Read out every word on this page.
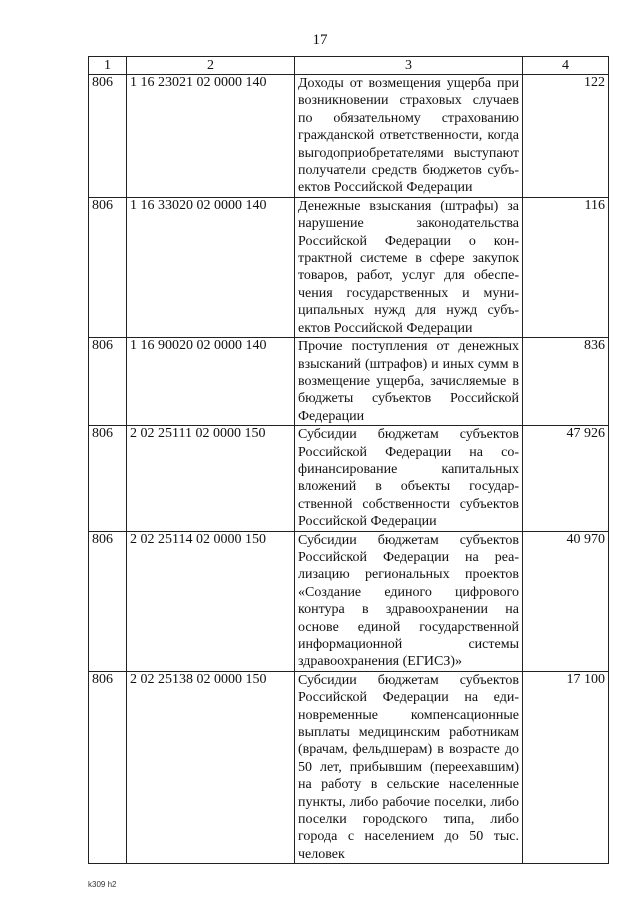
17
1	2	3	4
806	1 16 23021 02 0000 140	Доходы от возмещения ущерба при возникновении страховых случаев по обязательному страхованию гражданской ответственности, когда выгодоприобретателями выступают получатели средств бюджетов субъектов Российской Федерации	122
806	1 16 33020 02 0000 140	Денежные взыскания (штрафы) за нарушение законодательства Российской Федерации о контрактной системе в сфере закупок товаров, работ, услуг для обеспечения государственных и муниципальных нужд для нужд субъектов Российской Федерации	116
806	1 16 90020 02 0000 140	Прочие поступления от денежных взысканий (штрафов) и иных сумм в возмещение ущерба, зачисляемые в бюджеты субъектов Российской Федерации	836
806	2 02 25111 02 0000 150	Субсидии бюджетам субъектов Российской Федерации на софинансирование капитальных вложений в объекты государственной собственности субъектов Российской Федерации	47 926
806	2 02 25114 02 0000 150	Субсидии бюджетам субъектов Российской Федерации на реализацию региональных проектов «Создание единого цифрового контура в здравоохранении на основе единой государственной информационной системы здравоохранения (ЕГИСЗ)»	40 970
806	2 02 25138 02 0000 150	Субсидии бюджетам субъектов Российской Федерации на единовременные компенсационные выплаты медицинским работникам (врачам, фельдшерам) в возрасте до 50 лет, прибывшим (переехавшим) на работу в сельские населенные пункты, либо рабочие поселки, либо поселки городского типа, либо города с населением до 50 тыс. человек	17 100
k309 h2
